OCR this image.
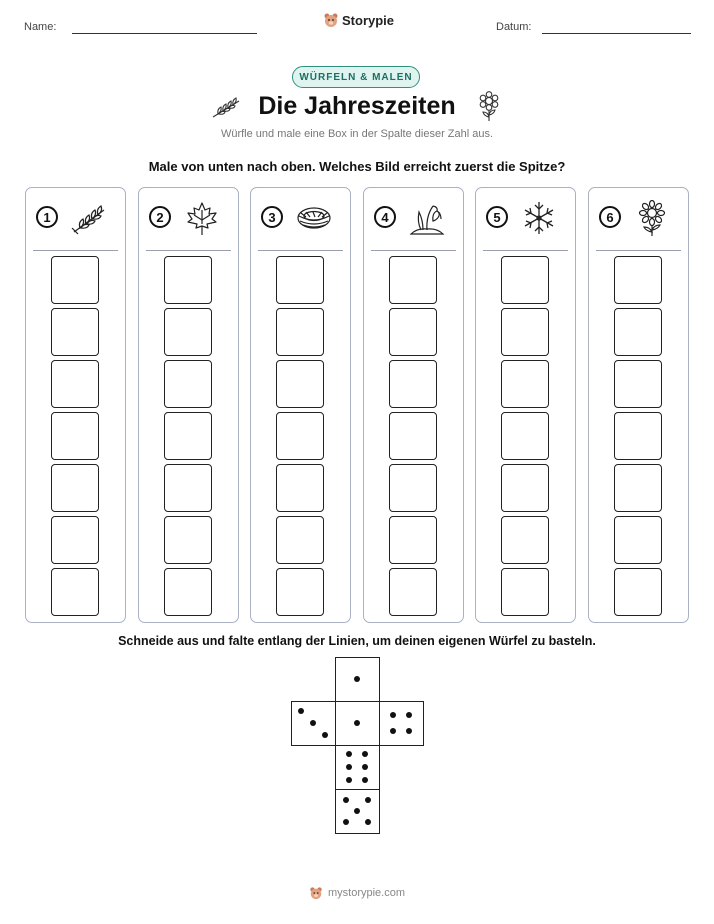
Name:	Storypie	Datum:
WÜRFELN & MALEN
Die Jahreszeiten
Würfle und male eine Box in der Spalte dieser Zahl aus.
Male von unten nach oben. Welches Bild erreicht zuerst die Spitze?
1	2	3	4	5	6
Schneide aus und falte entlang der Linien, um deinen eigenen Würfel zu basteln.
mystorypie.com
